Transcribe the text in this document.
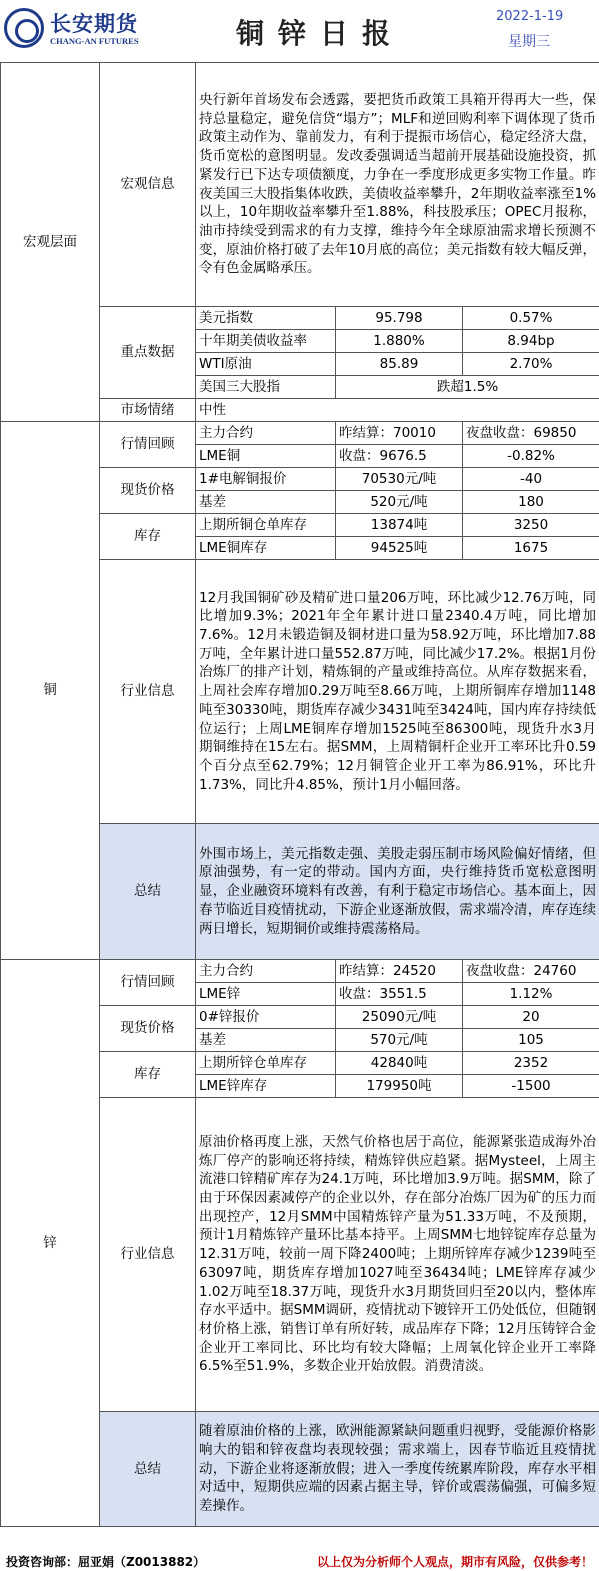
长安期货
CHANG-AN FUTURES	铜锌日报
2022-1-19
星期三
宏观层面	宏观信息	央行新年首场发布会透露，要把货币政策工具箱开得再大一些，保持总量稳定，避免信贷“塌方”；MLF和逆回购利率下调体现了货币政策主动作为、靠前发力，有利于提振市场信心，稳定经济大盘，货币宽松的意图明显。发改委强调适当超前开展基础设施投资，抓紧发行已下达专项债额度，力争在一季度形成更多实物工作量。昨夜美国三大股指集体收跌，美债收益率攀升，2年期收益率涨至1%以上，10年期收益率攀升至1.88%，科技股承压；OPEC月报称，油市持续受到需求的有力支撑，维持今年全球原油需求增长预测不变，原油价格打破了去年10月底的高位；美元指数有较大幅反弹，令有色金属略承压。		
	重点数据	美元指数	95.798	0.57%
		十年期美债收益率	1.880%	8.94bp
		WTI原油	85.89	2.70%
		美国三大股指	跌超1.5%	
	市场情绪	中性		
铜	行情回顾	主力合约	昨结算：70010	夜盘收盘：69850
		LME铜	收盘：9676.5	-0.82%
	现货价格	1#电解铜报价	70530元/吨	-40
		基差	520元/吨	180
	库存	上期所铜仓单库存	13874吨	3250
		LME铜库存	94525吨	1675
	行业信息	12月我国铜矿砂及精矿进口量206万吨，环比减少12.76万吨，同比增加9.3%；2021年全年累计进口量2340.4万吨，同比增加7.6%。12月未锻造铜及铜材进口量为58.92万吨，环比增加7.88万吨，全年累计进口量552.87万吨，同比减少17.2%。根据1月份冶炼厂的排产计划，精炼铜的产量或维持高位。从库存数据来看，上周社会库存增加0.29万吨至8.66万吨，上期所铜库存增加1148吨至30330吨，期货库存减少3431吨至3424吨，国内库存持续低位运行；上周LME铜库存增加1525吨至86300吨，现货升水3月期铜维持在15左右。据SMM，上周精铜杆企业开工率环比升0.59个百分点至62.79%；12月铜管企业开工率为86.91%，环比升1.73%，同比升4.85%，预计1月小幅回落。		
	总结	外围市场上，美元指数走强、美股走弱压制市场风险偏好情绪，但原油强势，有一定的带动。国内方面，央行维持货币宽松意图明显，企业融资环境料有改善，有利于稳定市场信心。基本面上，因春节临近目疫情扰动，下游企业逐渐放假，需求端冷清，库存连续两日增长，短期铜价或维持震荡格局。		
锌	行情回顾	主力合约	昨结算：24520	夜盘收盘：24760
		LME锌	收盘：3551.5	1.12%
	现货价格	0#锌报价	25090元/吨	20
		基差	570元/吨	105
	库存	上期所锌仓单库存	42840吨	2352
		LME锌库存	179950吨	-1500
	行业信息	原油价格再度上涨，天然气价格也居于高位，能源紧张造成海外冶炼厂停产的影响还将持续，精炼锌供应趋紧。据Mysteel，上周主流港口锌精矿库存为24.1万吨，环比增加3.9万吨。据SMM，除了由于环保因素减停产的企业以外，存在部分冶炼厂因为矿的压力而出现控产，12月SMM中国精炼锌产量为51.33万吨，不及预期，预计1月精炼锌产量环比基本持平。上周SMM七地锌锭库存总量为12.31万吨，较前一周下降2400吨；上期所锌库存减少1239吨至63097吨，期货库存增加1027吨至36434吨；LME锌库存减少1.02万吨至18.37万吨，现货升水3月期货回归至20以内，整体库存水平适中。据SMM调研，疫情扰动下镀锌开工仍处低位，但随钢材价格上涨，销售订单有所好转，成品库存下降；12月压铸锌合金企业开工率同比、环比均有较大降幅；上周氧化锌企业开工率降6.5%至51.9%，多数企业开始放假。消费清淡。		
	总结	随着原油价格的上涨，欧洲能源紧缺问题重归视野，受能源价格影响大的铝和锌夜盘均表现较强；需求端上，因春节临近且疫情扰动，下游企业将逐渐放假；进入一季度传统累库阶段，库存水平相对适中，短期供应端的因素占据主导，锌价或震荡偏强，可偏多短差操作。		
投资咨询部：屈亚娟（Z0013882）	以上仅为分析师个人观点，期市有风险，仅供参考！
